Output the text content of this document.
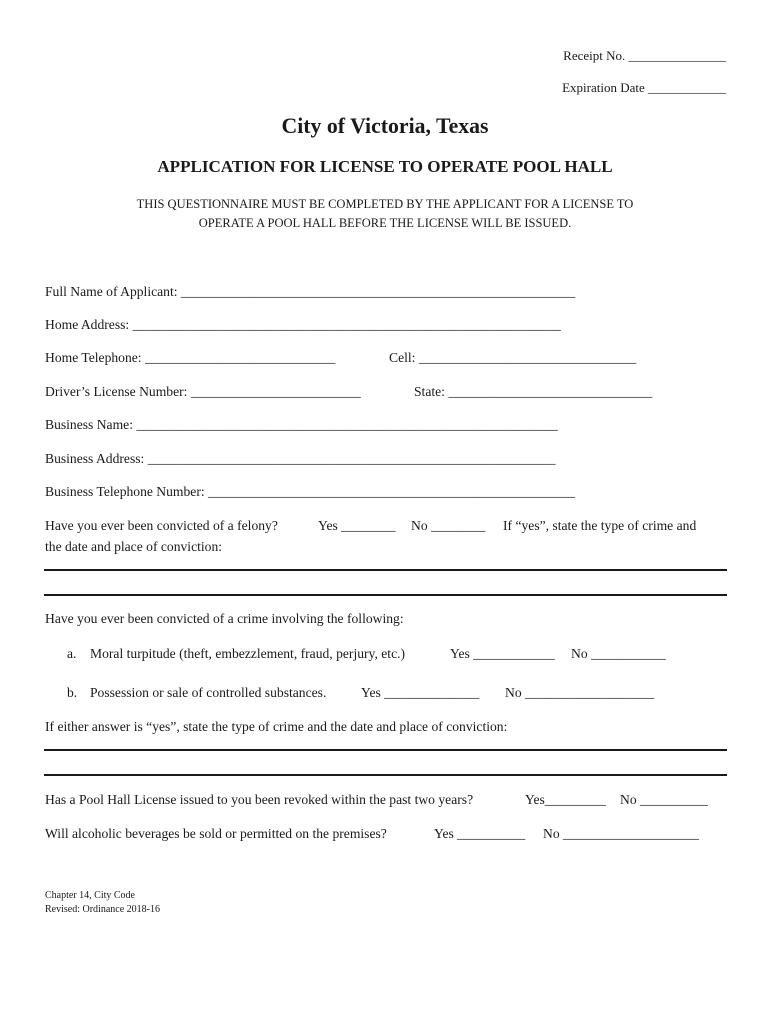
Receipt No. _______________
Expiration Date ____________
City of Victoria, Texas
APPLICATION FOR LICENSE TO OPERATE POOL HALL
THIS QUESTIONNAIRE MUST BE COMPLETED BY THE APPLICANT FOR A LICENSE TO
OPERATE A POOL HALL BEFORE THE LICENSE WILL BE ISSUED.
Full Name of Applicant: __________________________________________________________
Home Address: _______________________________________________________________
Home Telephone: ____________________________	Cell: ________________________________
Driver’s License Number: _________________________	State: ______________________________
Business Name: ______________________________________________________________
Business Address: ____________________________________________________________
Business Telephone Number: ______________________________________________________
Have you ever been convicted of a felony?	Yes ________ No ________ If “yes”, state the type of crime and
the date and place of conviction:
Have you ever been convicted of a crime involving the following:
a. Moral turpitude (theft, embezzlement, fraud, perjury, etc.)	Yes ____________ No ___________
b. Possession or sale of controlled substances.	Yes ______________ No ___________________
If either answer is “yes”, state the type of crime and the date and place of conviction:
Has a Pool Hall License issued to you been revoked within the past two years?	Yes_________ No __________
Will alcoholic beverages be sold or permitted on the premises?	Yes __________ No ____________________
Chapter 14, City Code
Revised: Ordinance 2018-16
